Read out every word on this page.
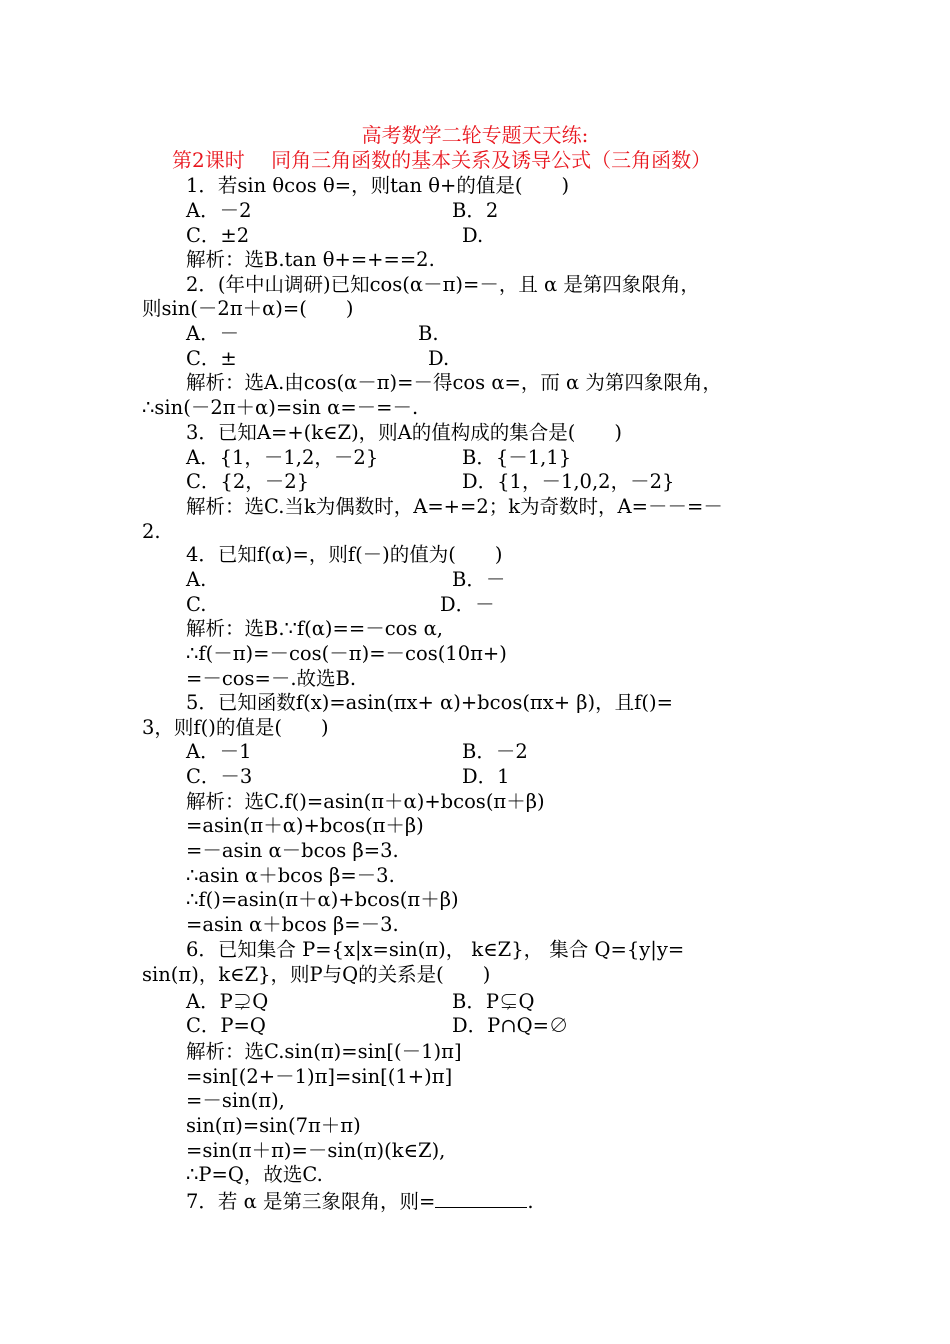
高考数学二轮专题天天练:
第2课时　 同角三角函数的基本关系及诱导公式（三角函数）
1．若sin θcos θ=，则tan θ+的值是(　　)
A．－2	B．2
C．±2	D.
解析：选B.tan θ+=+==2.
2．(年中山调研)已知cos(α－π)=－，且 α 是第四象限角，
则sin(－2π＋α)=(　　)
A．－	B.
C．±	D.
解析：选A.由cos(α－π)=－得cos α=，而 α 为第四象限角，
∴sin(－2π＋α)=sin α=－=－.
3．已知A=+(k∈Z)，则A的值构成的集合是(　　)
A．{1，－1,2，－2}	B．{－1,1}
C．{2，－2}	D．{1，－1,0,2，－2}
解析：选C.当k为偶数时，A=+=2；k为奇数时，A=－－=－
2.
4．已知f(α)=，则f(－)的值为(　　)
A.	B．－
C.	D．－
解析：选B.∵f(α)==－cos α,
∴f(－π)=－cos(－π)=－cos(10π+)
=－cos=－.故选B.
5．已知函数f(x)=asin(πx+ α)+bcos(πx+ β)，且f()=
3，则f()的值是(　　)
A．－1	B．－2
C．－3	D．1
解析：选C.f()=asin(π＋α)+bcos(π＋β)
=asin(π＋α)+bcos(π＋β)
=－asin α－bcos β=3.
∴asin α＋bcos β=－3.
∴f()=asin(π＋α)+bcos(π＋β)
=asin α＋bcos β=－3.
6．已知集合 P={x|x=sin(π)， k∈Z}， 集合 Q={y|y=
sin(π)，k∈Z}，则P与Q的关系是(　　)
A．P⊋Q	B．P⊊Q
C．P=Q	D．P∩Q=∅
解析：选C.sin(π)=sin[(－1)π]
=sin[(2+－1)π]=sin[(1+)π]
=－sin(π),
sin(π)=sin(7π＋π)
=sin(π＋π)=－sin(π)(k∈Z),
∴P=Q，故选C.
7．若 α 是第三象限角，则=	.
